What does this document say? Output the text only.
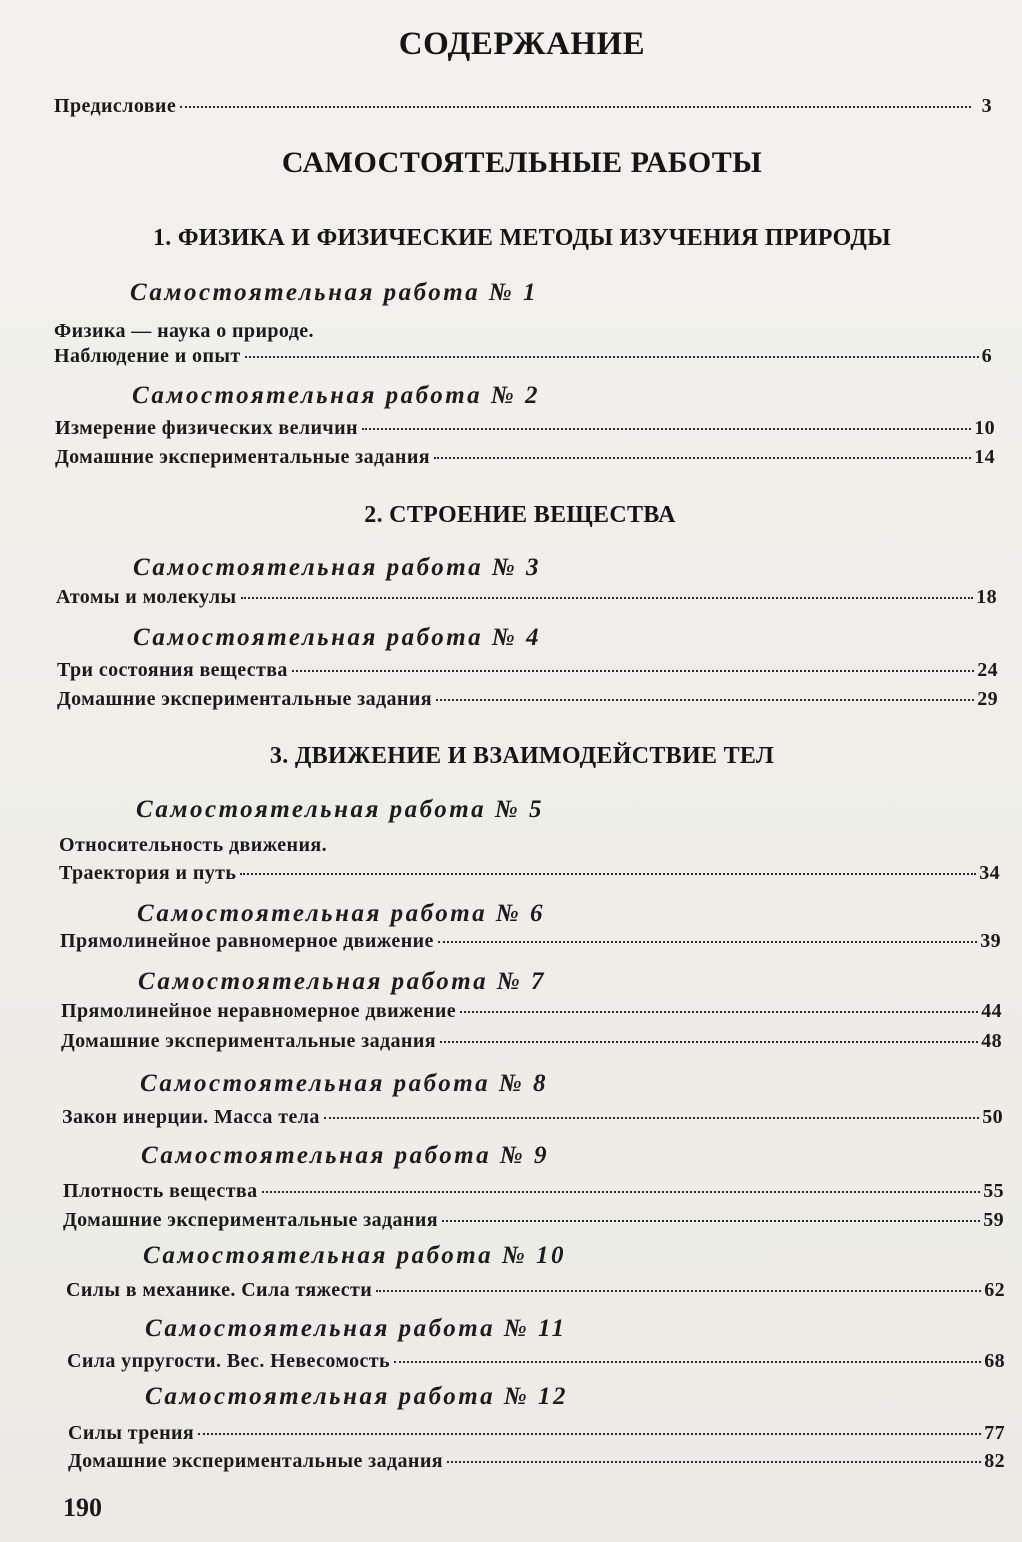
СОДЕРЖАНИЕ
Предисловие	3
САМОСТОЯТЕЛЬНЫЕ РАБОТЫ
1. ФИЗИКА И ФИЗИЧЕСКИЕ МЕТОДЫ ИЗУЧЕНИЯ ПРИРОДЫ
Самостоятельная работа № 1
Физика — наука о природе.
Наблюдение и опыт	6
Самостоятельная работа № 2
Измерение физических величин	10
Домашние экспериментальные задания	14
2. СТРОЕНИЕ ВЕЩЕСТВА
Самостоятельная работа № 3
Атомы и молекулы	18
Самостоятельная работа № 4
Три состояния вещества	24
Домашние экспериментальные задания	29
3. ДВИЖЕНИЕ И ВЗАИМОДЕЙСТВИЕ ТЕЛ
Самостоятельная работа № 5
Относительность движения.
Траектория и путь	34
Самостоятельная работа № 6
Прямолинейное равномерное движение	39
Самостоятельная работа № 7
Прямолинейное неравномерное движение	44
Домашние экспериментальные задания	48
Самостоятельная работа № 8
Закон инерции. Масса тела	50
Самостоятельная работа № 9
Плотность вещества	55
Домашние экспериментальные задания	59
Самостоятельная работа № 10
Силы в механике. Сила тяжести	62
Самостоятельная работа № 11
Сила упругости. Вес. Невесомость	68
Самостоятельная работа № 12
Силы трения	77
Домашние экспериментальные задания	82
190
